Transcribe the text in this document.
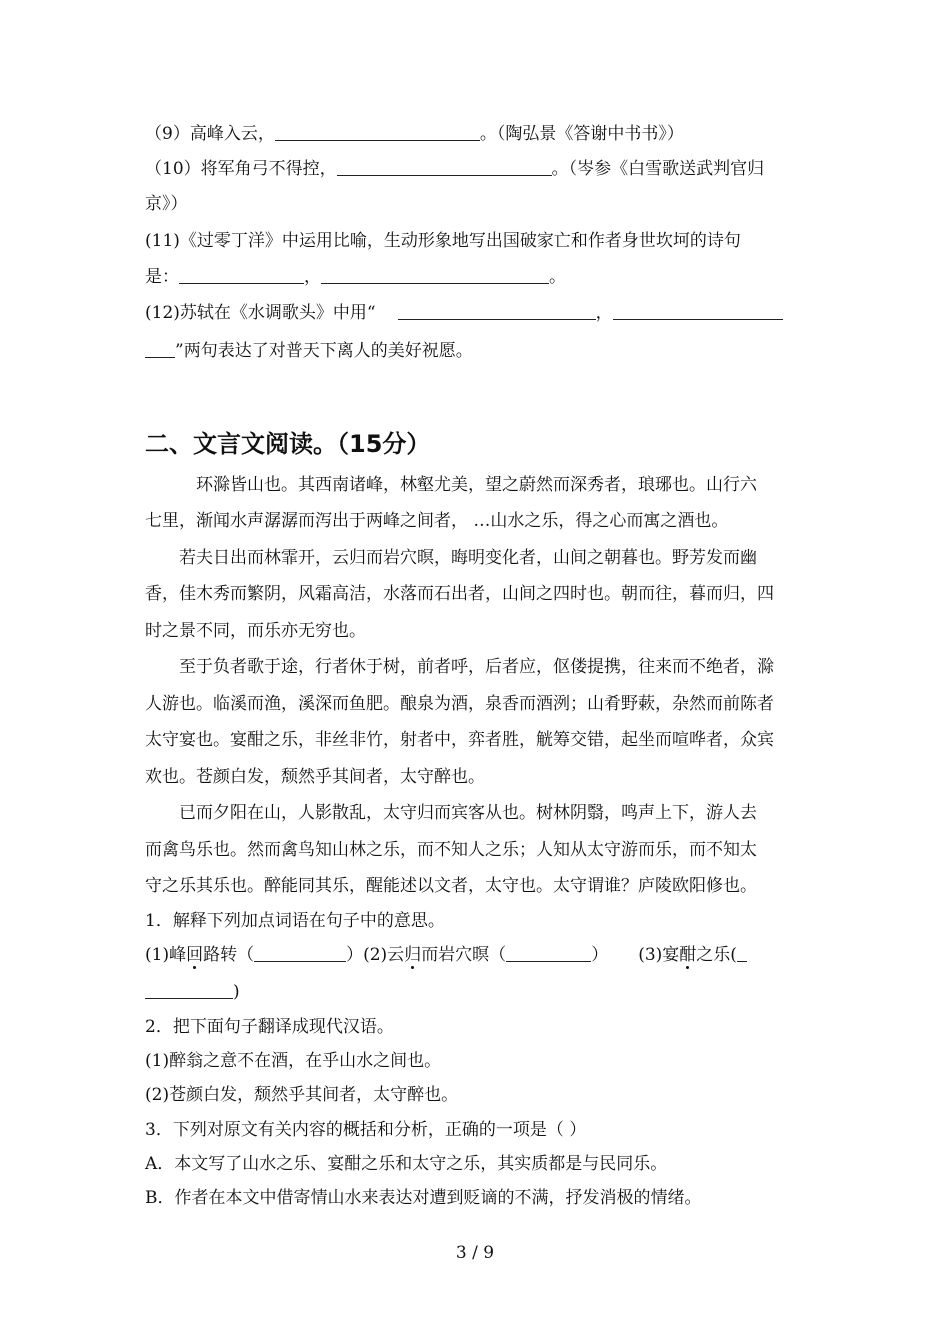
（9）高峰入云，	。（陶弘景《答谢中书书》）
（10）将军角弓不得控，	。（岑参《白雪歌送武判官归
京》）
(11)《过零丁洋》中运用比喻，生动形象地写出国破家亡和作者身世坎坷的诗句
是：	，	。
(12)苏轼在《水调歌头》中用“	，
”两句表达了对普天下离人的美好祝愿。
二、文言文阅读。（15分）
环滁皆山也。其西南诸峰，林壑尤美，望之蔚然而深秀者，琅琊也。山行六
七里，渐闻水声潺潺而泻出于两峰之间者， …山水之乐，得之心而寓之酒也。
若夫日出而林霏开，云归而岩穴暝，晦明变化者，山间之朝暮也。野芳发而幽
香，佳木秀而繁阴，风霜高洁，水落而石出者，山间之四时也。朝而往，暮而归，四
时之景不同，而乐亦无穷也。
至于负者歌于途，行者休于树，前者呼，后者应，伛偻提携，往来而不绝者，滁
人游也。临溪而渔，溪深而鱼肥。酿泉为酒，泉香而酒洌；山肴野蔌，杂然而前陈者
太守宴也。宴酣之乐，非丝非竹，射者中，弈者胜，觥筹交错，起坐而喧哗者，众宾
欢也。苍颜白发，颓然乎其间者，太守醉也。
已而夕阳在山，人影散乱，太守归而宾客从也。树林阴翳，鸣声上下，游人去
而禽鸟乐也。然而禽鸟知山林之乐，而不知人之乐；人知从太守游而乐，而不知太
守之乐其乐也。醉能同其乐，醒能述以文者，太守也。太守谓谁？庐陵欧阳修也。
1．解释下列加点词语在句子中的意思。
(1)峰回路转（	）(2)云归而岩穴暝（	） (3)宴酣之乐(
)
2．把下面句子翻译成现代汉语。
(1)醉翁之意不在酒，在乎山水之间也。
(2)苍颜白发，颓然乎其间者，太守醉也。
3．下列对原文有关内容的概括和分析，正确的一项是（ ）
A．本文写了山水之乐、宴酣之乐和太守之乐，其实质都是与民同乐。
B．作者在本文中借寄情山水来表达对遭到贬谪的不满，抒发消极的情绪。
3 / 9
